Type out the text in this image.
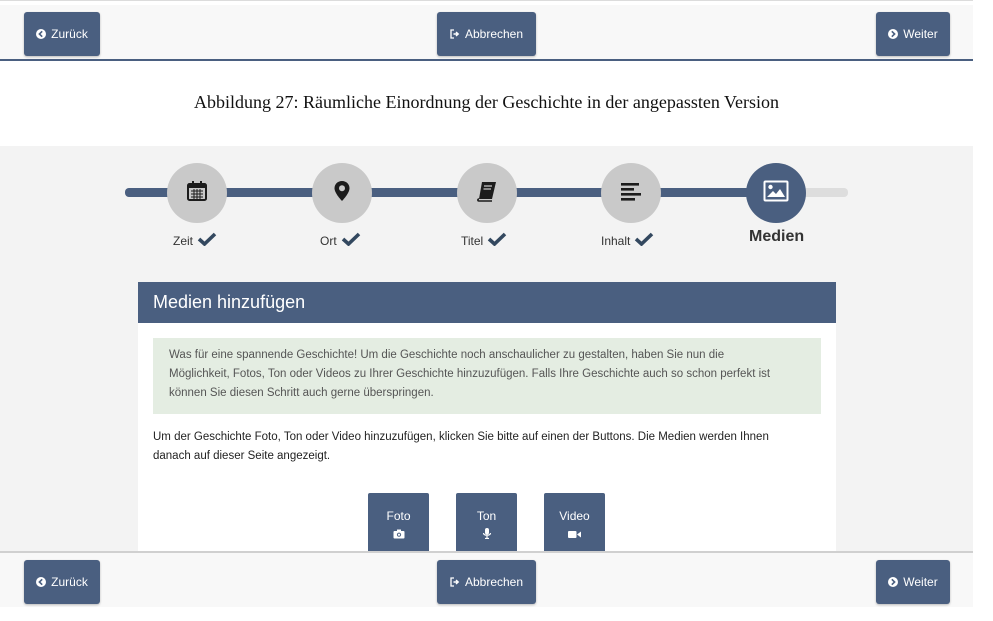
Zurück	Abbrechen	Weiter
Abbildung 27: Räumliche Einordnung der Geschichte in der angepassten Version
Zeit	Ort	Titel	Inhalt	Medien
Medien hinzufügen
Was für eine spannende Geschichte! Um die Geschichte noch anschaulicher zu gestalten, haben Sie nun die
Möglichkeit, Fotos, Ton oder Videos zu Ihrer Geschichte hinzuzufügen. Falls Ihre Geschichte auch so schon perfekt ist
können Sie diesen Schritt auch gerne überspringen.
Um der Geschichte Foto, Ton oder Video hinzuzufügen, klicken Sie bitte auf einen der Buttons. Die Medien werden Ihnen
danach auf dieser Seite angezeigt.
Foto	Ton	Video
Zurück	Abbrechen	Weiter
